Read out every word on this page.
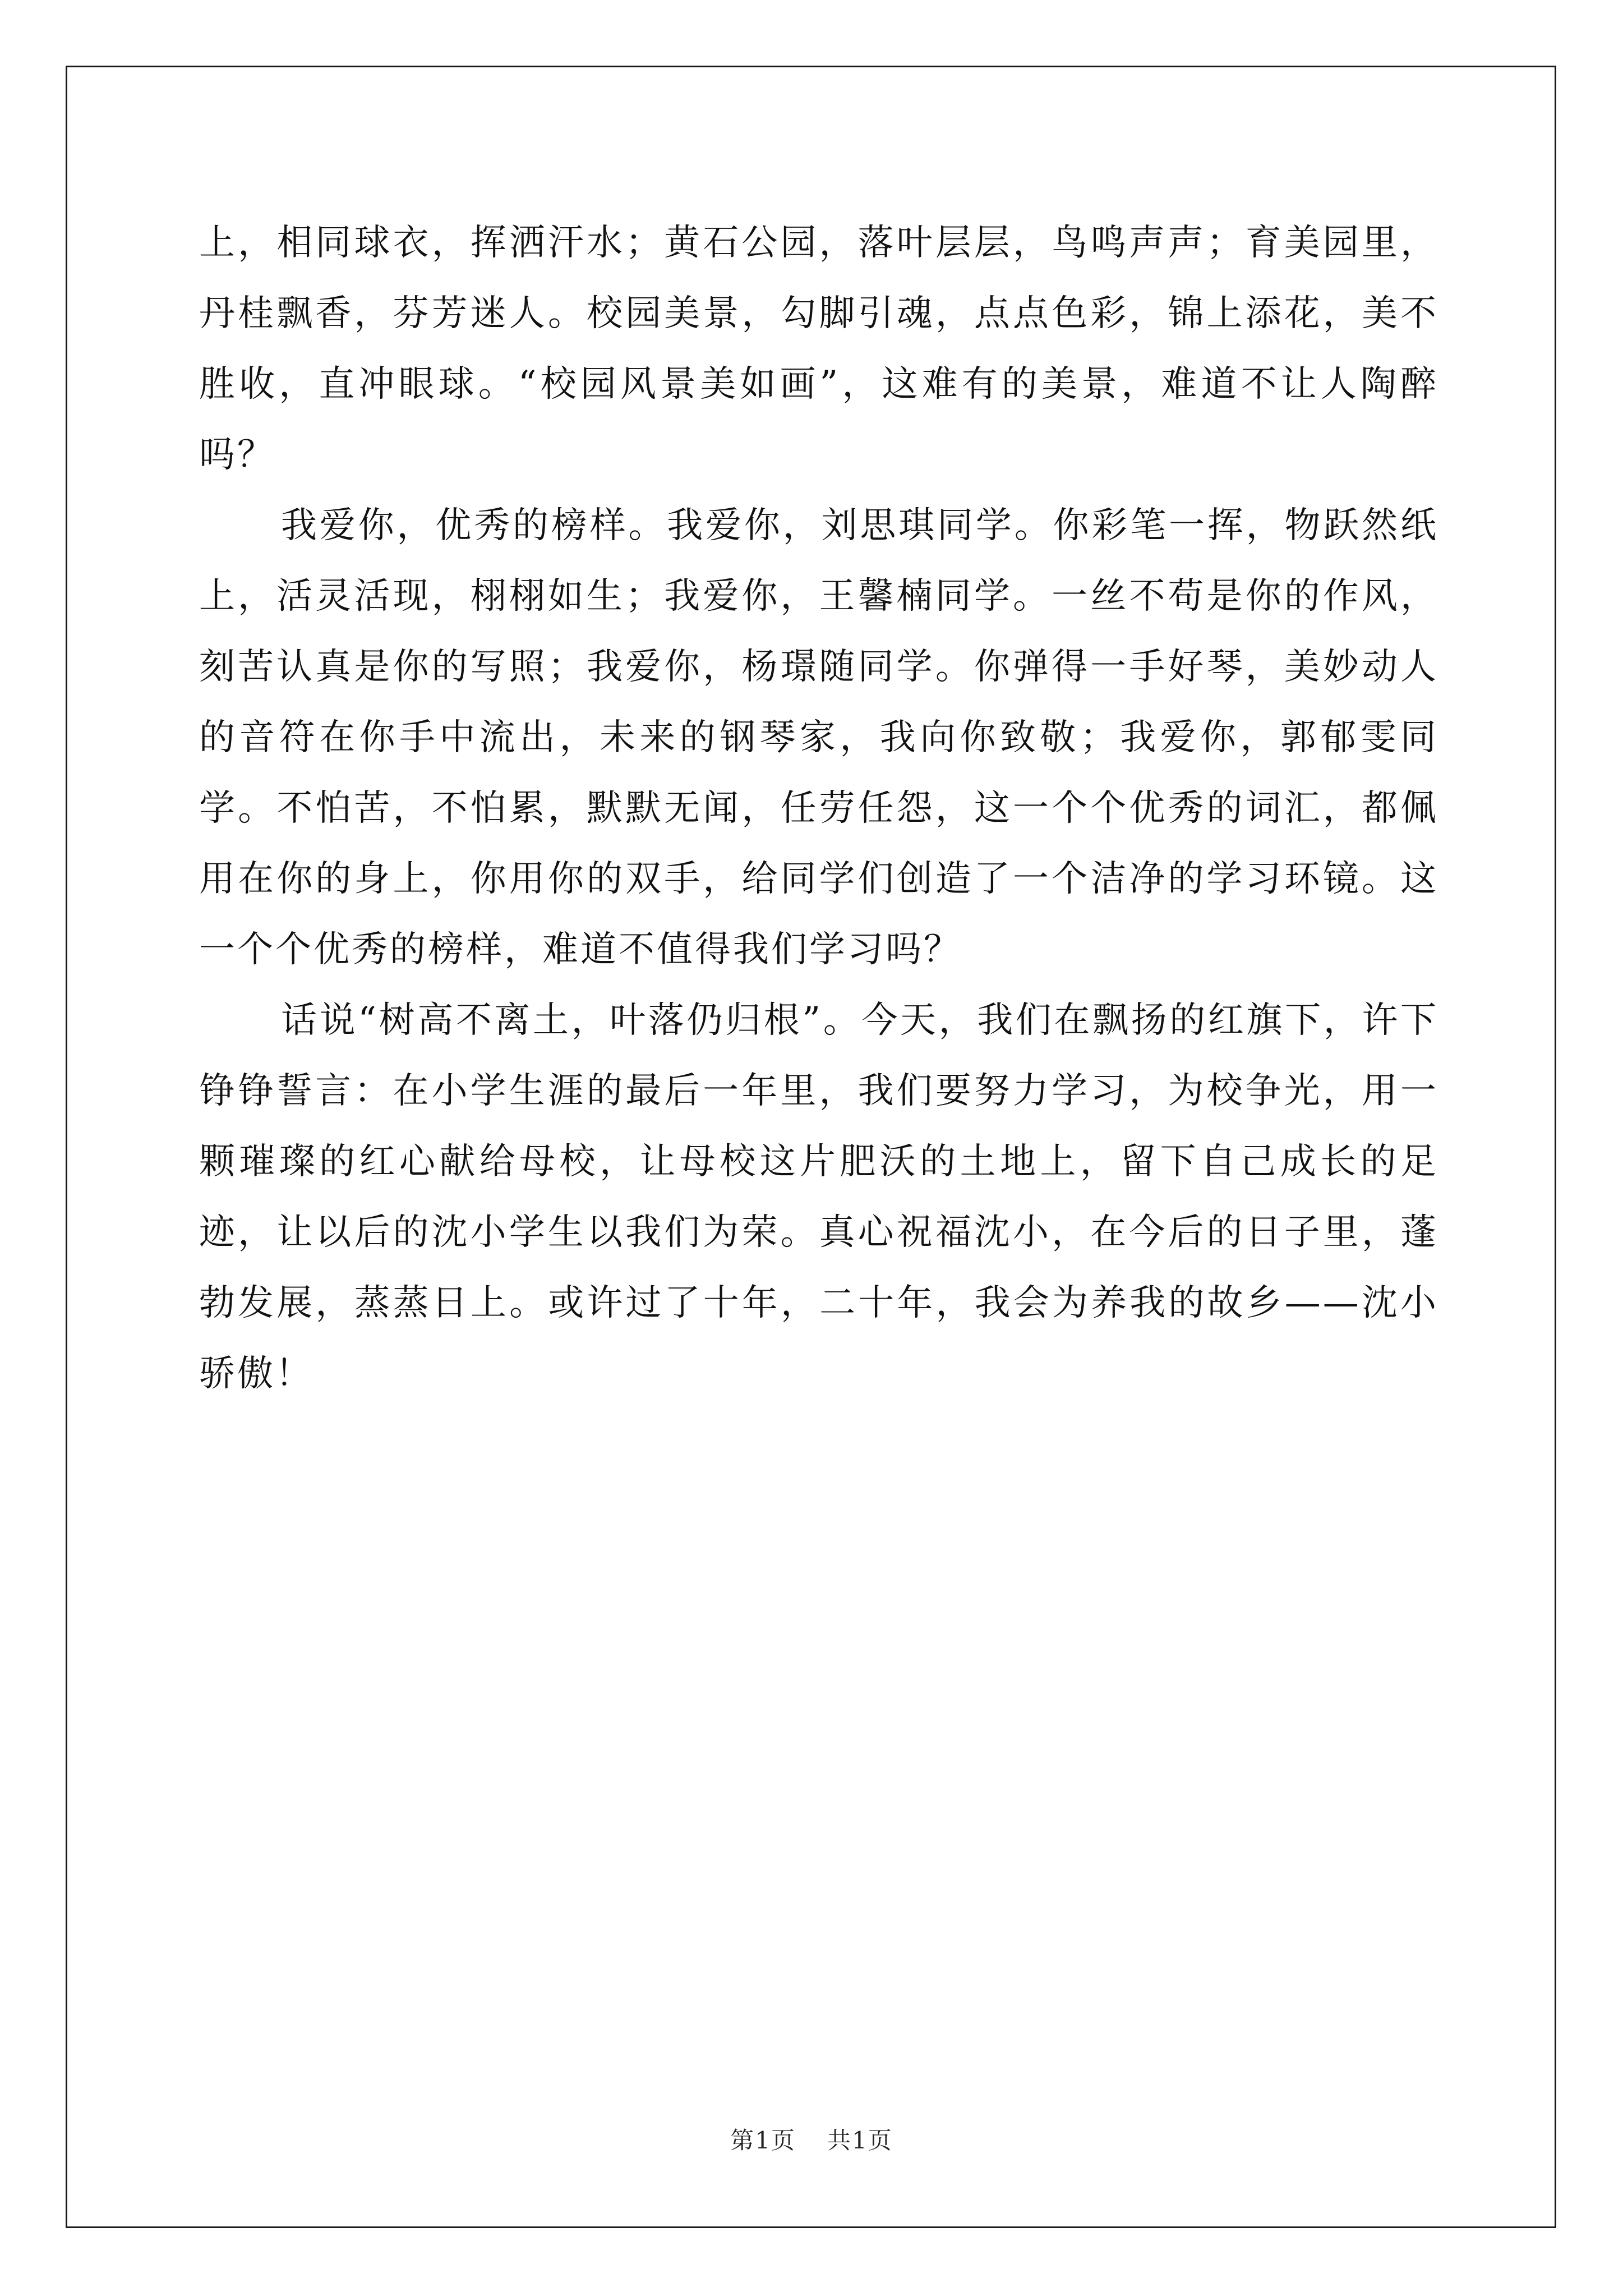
上，相同球衣，挥洒汗水；黄石公园，落叶层层，鸟鸣声声；育美园里，丹桂飘香，芬芳迷人。校园美景，勾脚引魂，点点色彩，锦上添花，美不胜收，直冲眼球。“校园风景美如画”，这难有的美景，难道不让人陶醉吗？

我爱你，优秀的榜样。我爱你，刘思琪同学。你彩笔一挥，物跃然纸上，活灵活现，栩栩如生；我爱你，王馨楠同学。一丝不苟是你的作风，刻苦认真是你的写照；我爱你，杨璟随同学。你弹得一手好琴，美妙动人的音符在你手中流出，未来的钢琴家，我向你致敬；我爱你，郭郁雯同学。不怕苦，不怕累，默默无闻，任劳任怨，这一个个优秀的词汇，都佩用在你的身上，你用你的双手，给同学们创造了一个洁净的学习环镜。这一个个优秀的榜样，难道不值得我们学习吗？

话说“树高不离土，叶落仍归根”。今天，我们在飘扬的红旗下，许下铮铮誓言：在小学生涯的最后一年里，我们要努力学习，为校争光，用一颗璀璨的红心献给母校，让母校这片肥沃的土地上，留下自己成长的足迹，让以后的沈小学生以我们为荣。真心祝福沈小，在今后的日子里，蓬勃发展，蒸蒸日上。或许过了十年，二十年，我会为养我的故乡——沈小骄傲！

第1页 共1页
